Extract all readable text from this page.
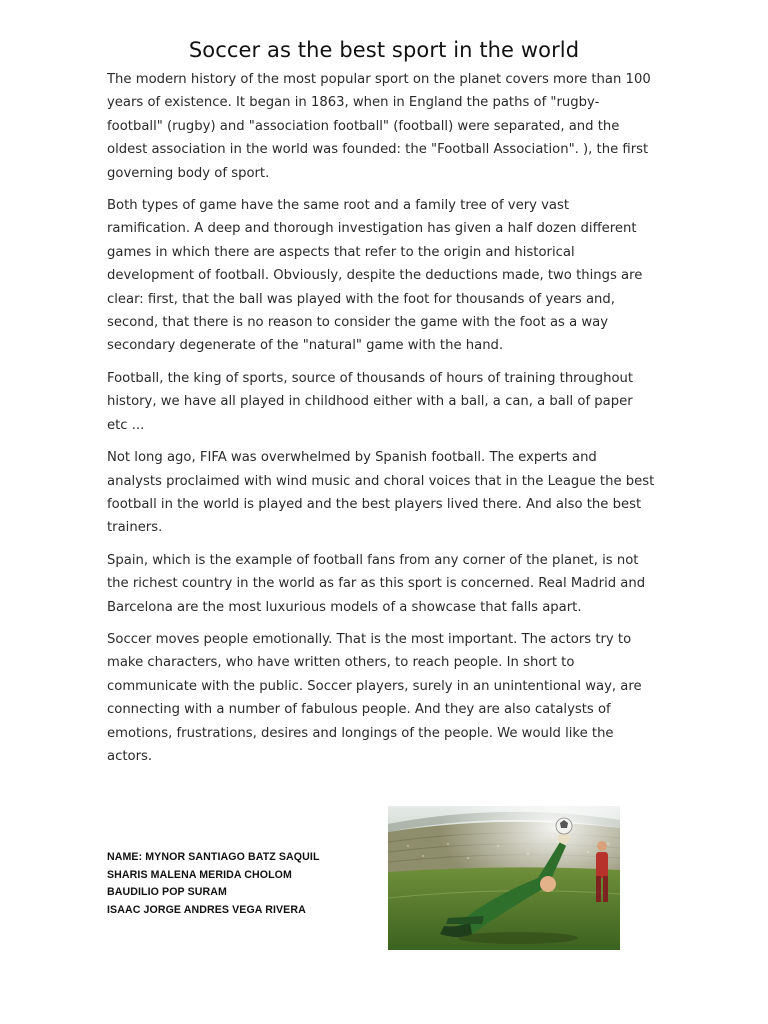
Soccer as the best sport in the world

The modern history of the most popular sport on the planet covers more than 100 years of existence. It began in 1863, when in England the paths of "rugby-football" (rugby) and "association football" (football) were separated, and the oldest association in the world was founded: the "Football Association". ), the first governing body of sport.

Both types of game have the same root and a family tree of very vast ramification. A deep and thorough investigation has given a half dozen different games in which there are aspects that refer to the origin and historical development of football. Obviously, despite the deductions made, two things are clear: first, that the ball was played with the foot for thousands of years and, second, that there is no reason to consider the game with the foot as a way secondary degenerate of the "natural" game with the hand.

Football, the king of sports, source of thousands of hours of training throughout history, we have all played in childhood either with a ball, a can, a ball of paper etc ...

Not long ago, FIFA was overwhelmed by Spanish football. The experts and analysts proclaimed with wind music and choral voices that in the League the best football in the world is played and the best players lived there. And also the best trainers.

Spain, which is the example of football fans from any corner of the planet, is not the richest country in the world as far as this sport is concerned. Real Madrid and Barcelona are the most luxurious models of a showcase that falls apart.

Soccer moves people emotionally. That is the most important. The actors try to make characters, who have written others, to reach people. In short to communicate with the public. Soccer players, surely in an unintentional way, are connecting with a number of fabulous people. And they are also catalysts of emotions, frustrations, desires and longings of the people. We would like the actors.

NAME: MYNOR SANTIAGO BATZ SAQUIL
SHARIS MALENA MERIDA CHOLOM
BAUDILIO POP SURAM
ISAAC JORGE ANDRES VEGA RIVERA
